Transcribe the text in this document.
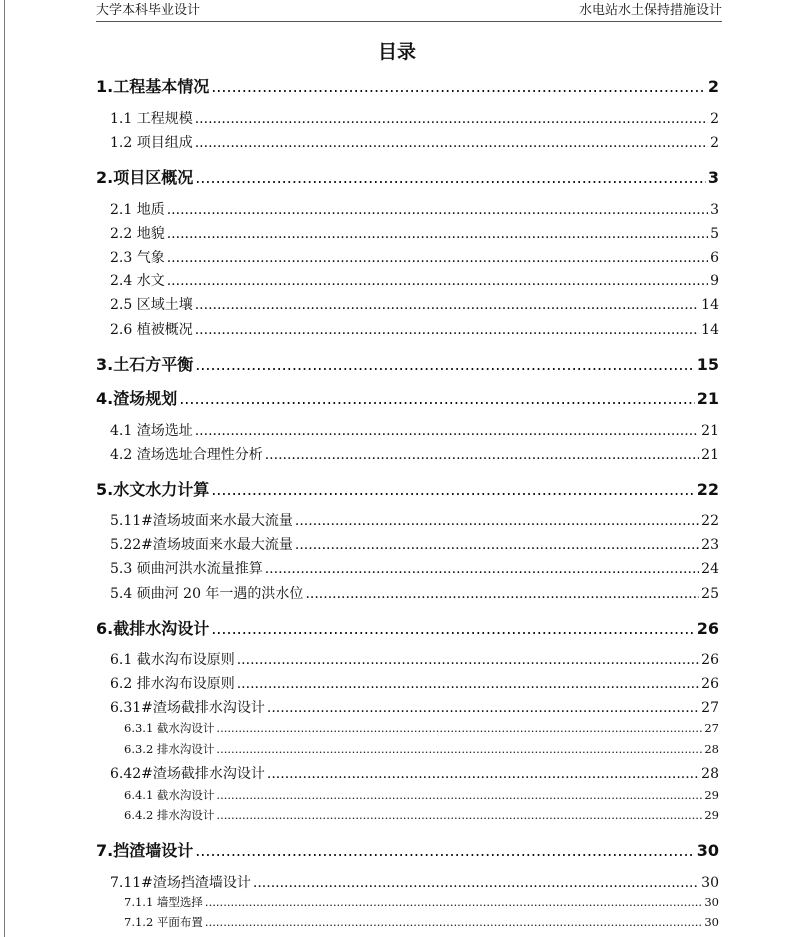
大学本科毕业设计	水电站水土保持措施设计
目录
1.工程基本情况 .....	2
1.1 工程规模 .....	2
1.2 项目组成 .....	2
2.项目区概况 .....	3
2.1 地质 .....	3
2.2 地貌 .....	5
2.3 气象 .....	6
2.4 水文 .....	9
2.5 区域土壤 .....	14
2.6 植被概况 .....	14
3.土石方平衡 .....	15
4.渣场规划 .....	21
4.1 渣场选址 .....	21
4.2 渣场选址合理性分析 .....	21
5.水文水力计算 .....	22
5.11#渣场坡面来水最大流量 .....	22
5.22#渣场坡面来水最大流量 .....	23
5.3 硕曲河洪水流量推算 .....	24
5.4 硕曲河 20 年一遇的洪水位 .....	25
6.截排水沟设计 .....	26
6.1 截水沟布设原则 .....	26
6.2 排水沟布设原则 .....	26
6.31#渣场截排水沟设计 .....	27
6.3.1 截水沟设计 .....	27
6.3.2 排水沟设计 .....	28
6.42#渣场截排水沟设计 .....	28
6.4.1 截水沟设计 .....	29
6.4.2 排水沟设计 .....	29
7.挡渣墙设计 .....	30
7.11#渣场挡渣墙设计 .....	30
7.1.1 墙型选择 .....	30
7.1.2 平面布置 .....	30
